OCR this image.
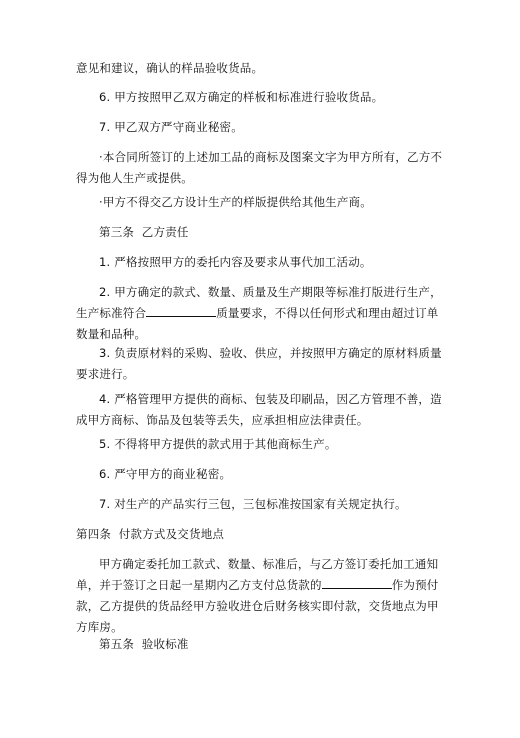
意见和建议，确认的样品验收货品。
6. 甲方按照甲乙双方确定的样板和标准进行验收货品。
7. 甲乙双方严守商业秘密。
·本合同所签订的上述加工品的商标及图案文字为甲方所有，乙方不得为他人生产或提供。
·甲方不得交乙方设计生产的样版提供给其他生产商。
第三条  乙方责任
1. 严格按照甲方的委托内容及要求从事代加工活动。
2. 甲方确定的款式、数量、质量及生产期限等标准打版进行生产，生产标准符合	质量要求，不得以任何形式和理由超过订单数量和品种。
3. 负责原材料的采购、验收、供应，并按照甲方确定的原材料质量要求进行。
4. 严格管理甲方提供的商标、包装及印刷品，因乙方管理不善，造成甲方商标、饰品及包装等丢失，应承担相应法律责任。
5. 不得将甲方提供的款式用于其他商标生产。
6. 严守甲方的商业秘密。
7. 对生产的产品实行三包，三包标准按国家有关规定执行。
第四条  付款方式及交货地点
甲方确定委托加工款式、数量、标准后，与乙方签订委托加工通知单，并于签订之日起一星期内乙方支付总货款的	作为预付款，乙方提供的货品经甲方验收进仓后财务核实即付款，交货地点为甲方库房。
第五条  验收标准
